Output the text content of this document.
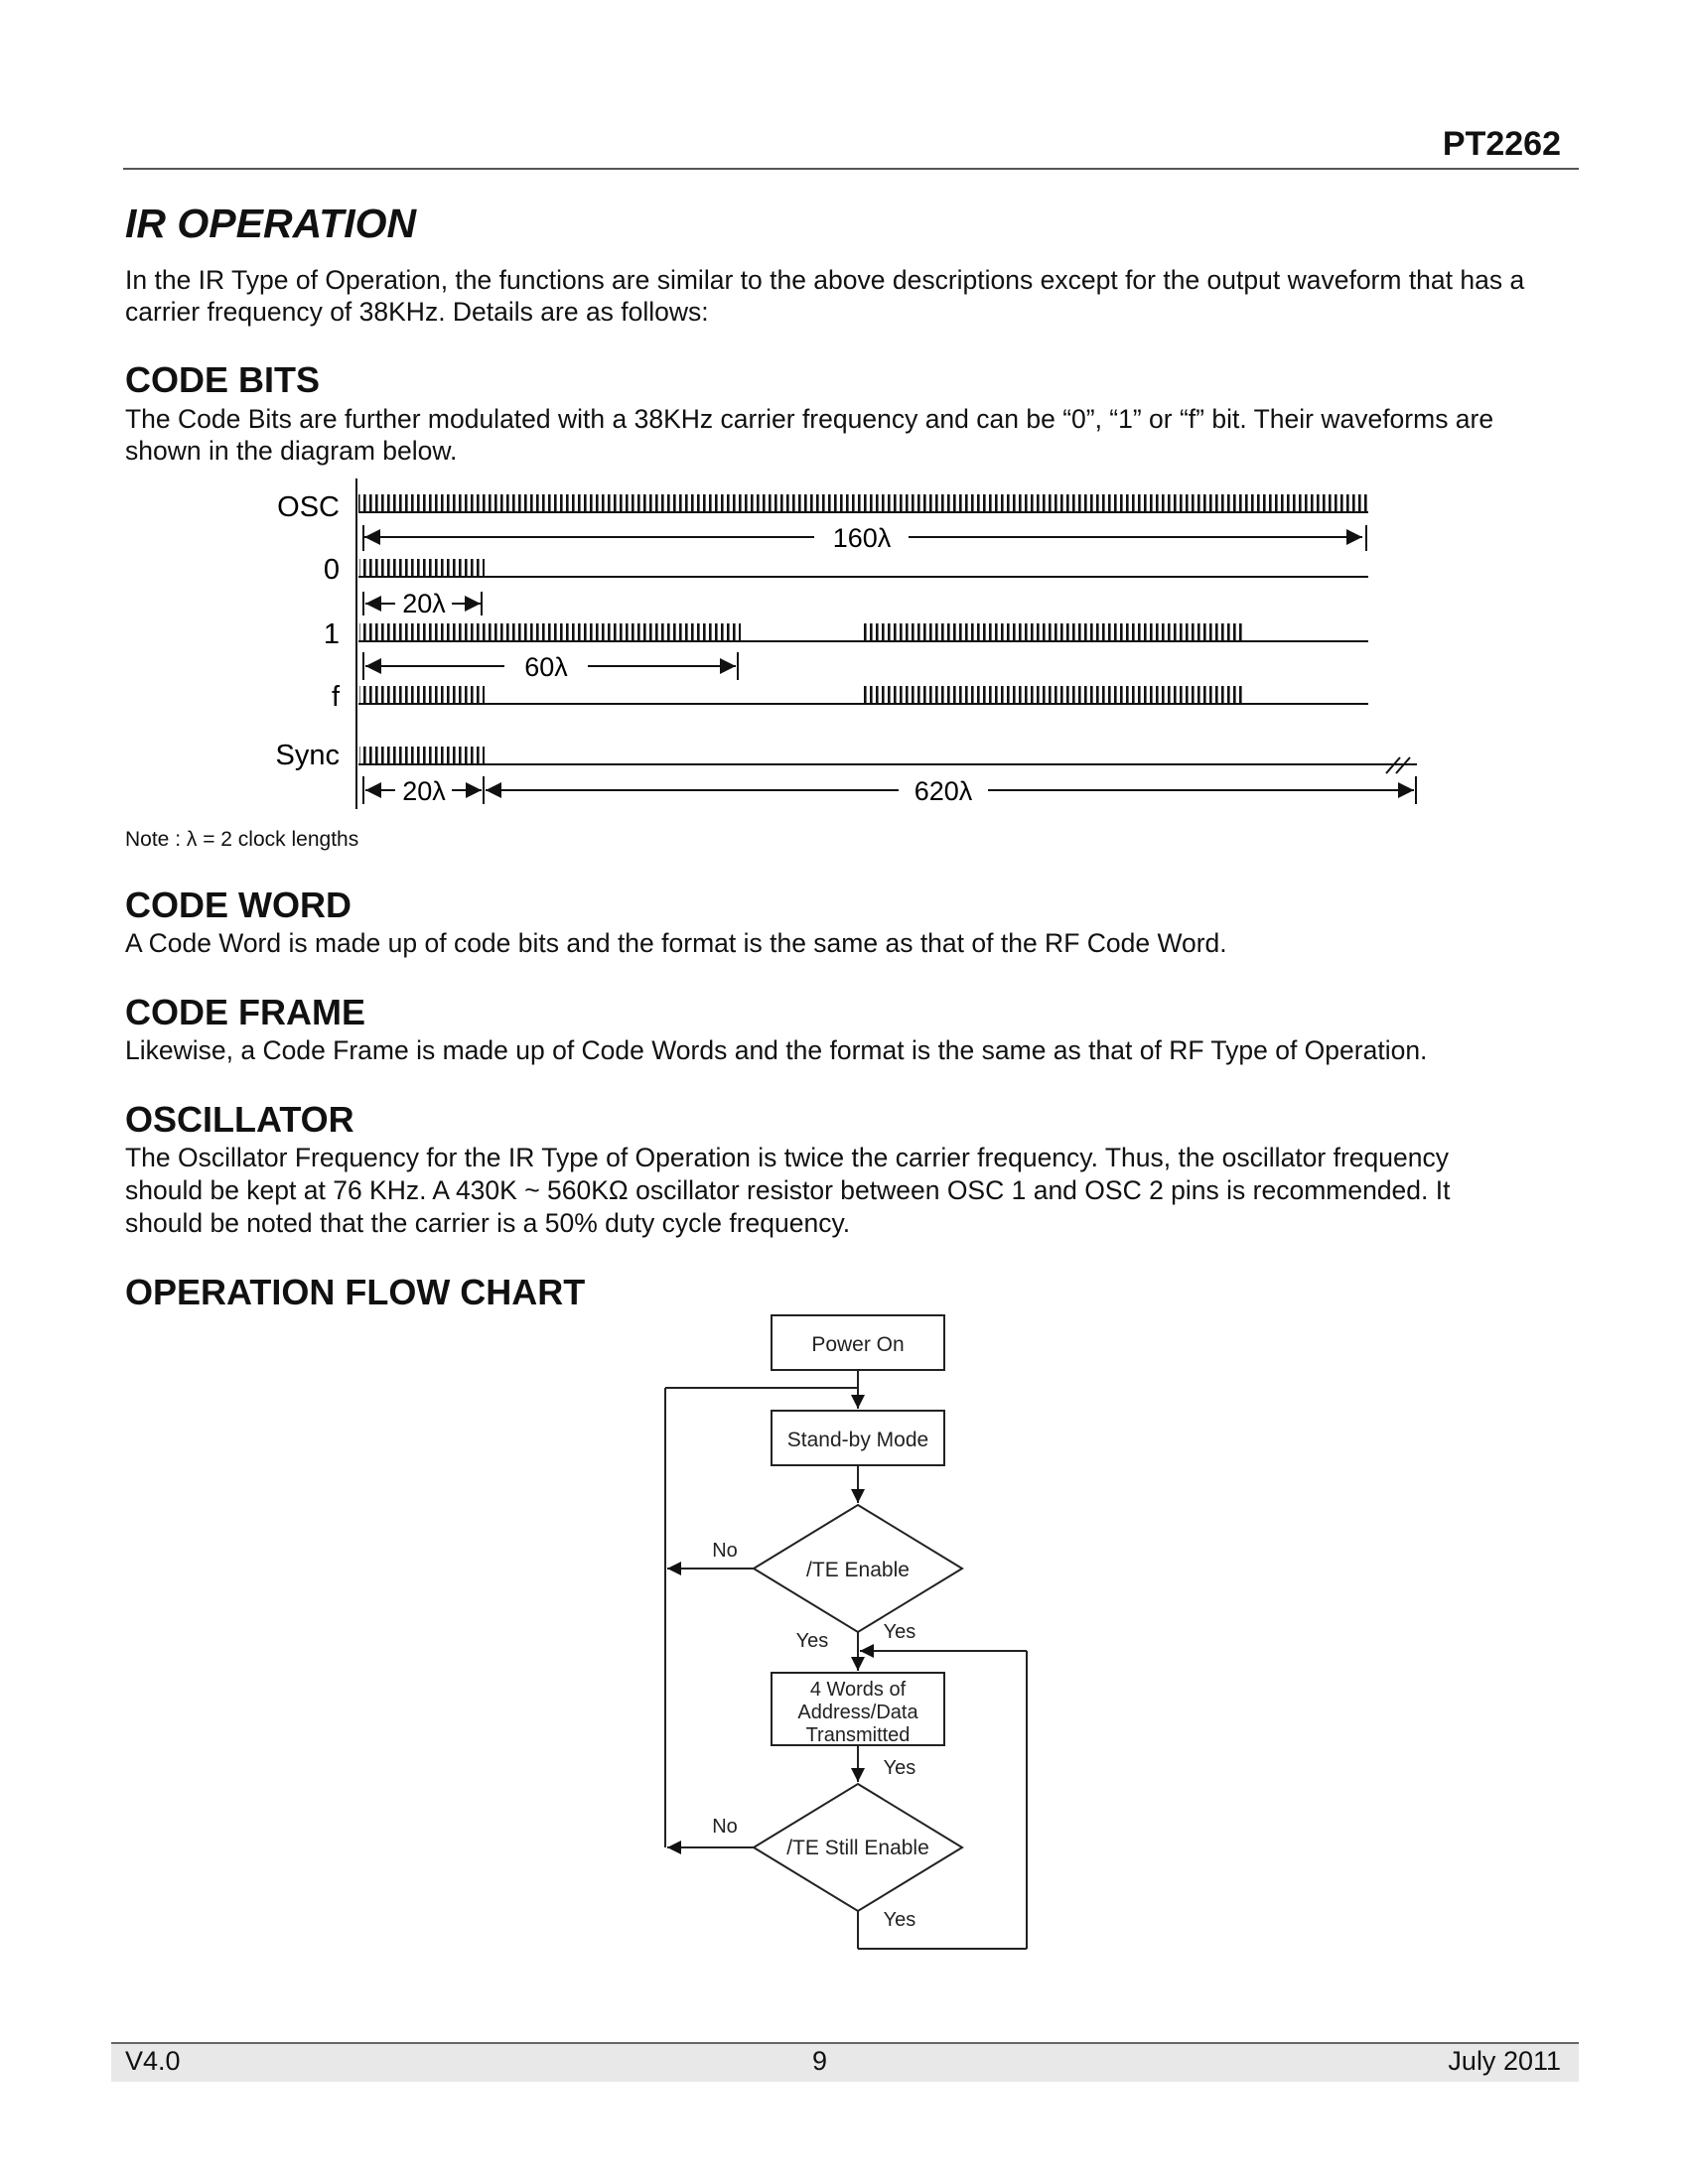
PT2262
IR OPERATION
In the IR Type of Operation, the functions are similar to the above descriptions except for the output waveform that has a
carrier frequency of 38KHz. Details are as follows:
CODE BITS
The Code Bits are further modulated with a 38KHz carrier frequency and can be “0”, “1” or “f” bit. Their waveforms are
shown in the diagram below.
OSC
0
1
f
Sync
160λ
20λ
60λ
20λ	620λ
Note : λ = 2 clock lengths
CODE WORD
A Code Word is made up of code bits and the format is the same as that of the RF Code Word.
CODE FRAME
Likewise, a Code Frame is made up of Code Words and the format is the same as that of RF Type of Operation.
OSCILLATOR
The Oscillator Frequency for the IR Type of Operation is twice the carrier frequency. Thus, the oscillator frequency
should be kept at 76 KHz. A 430K ~ 560KΩ oscillator resistor between OSC 1 and OSC 2 pins is recommended. It
should be noted that the carrier is a 50% duty cycle frequency.
OPERATION FLOW CHART
Power On
Stand-by Mode
/TE Enable
4 Words of
Address/Data
Transmitted
/TE Still Enable
No
Yes	Yes
Yes
No
Yes
V4.0	9	July 2011
